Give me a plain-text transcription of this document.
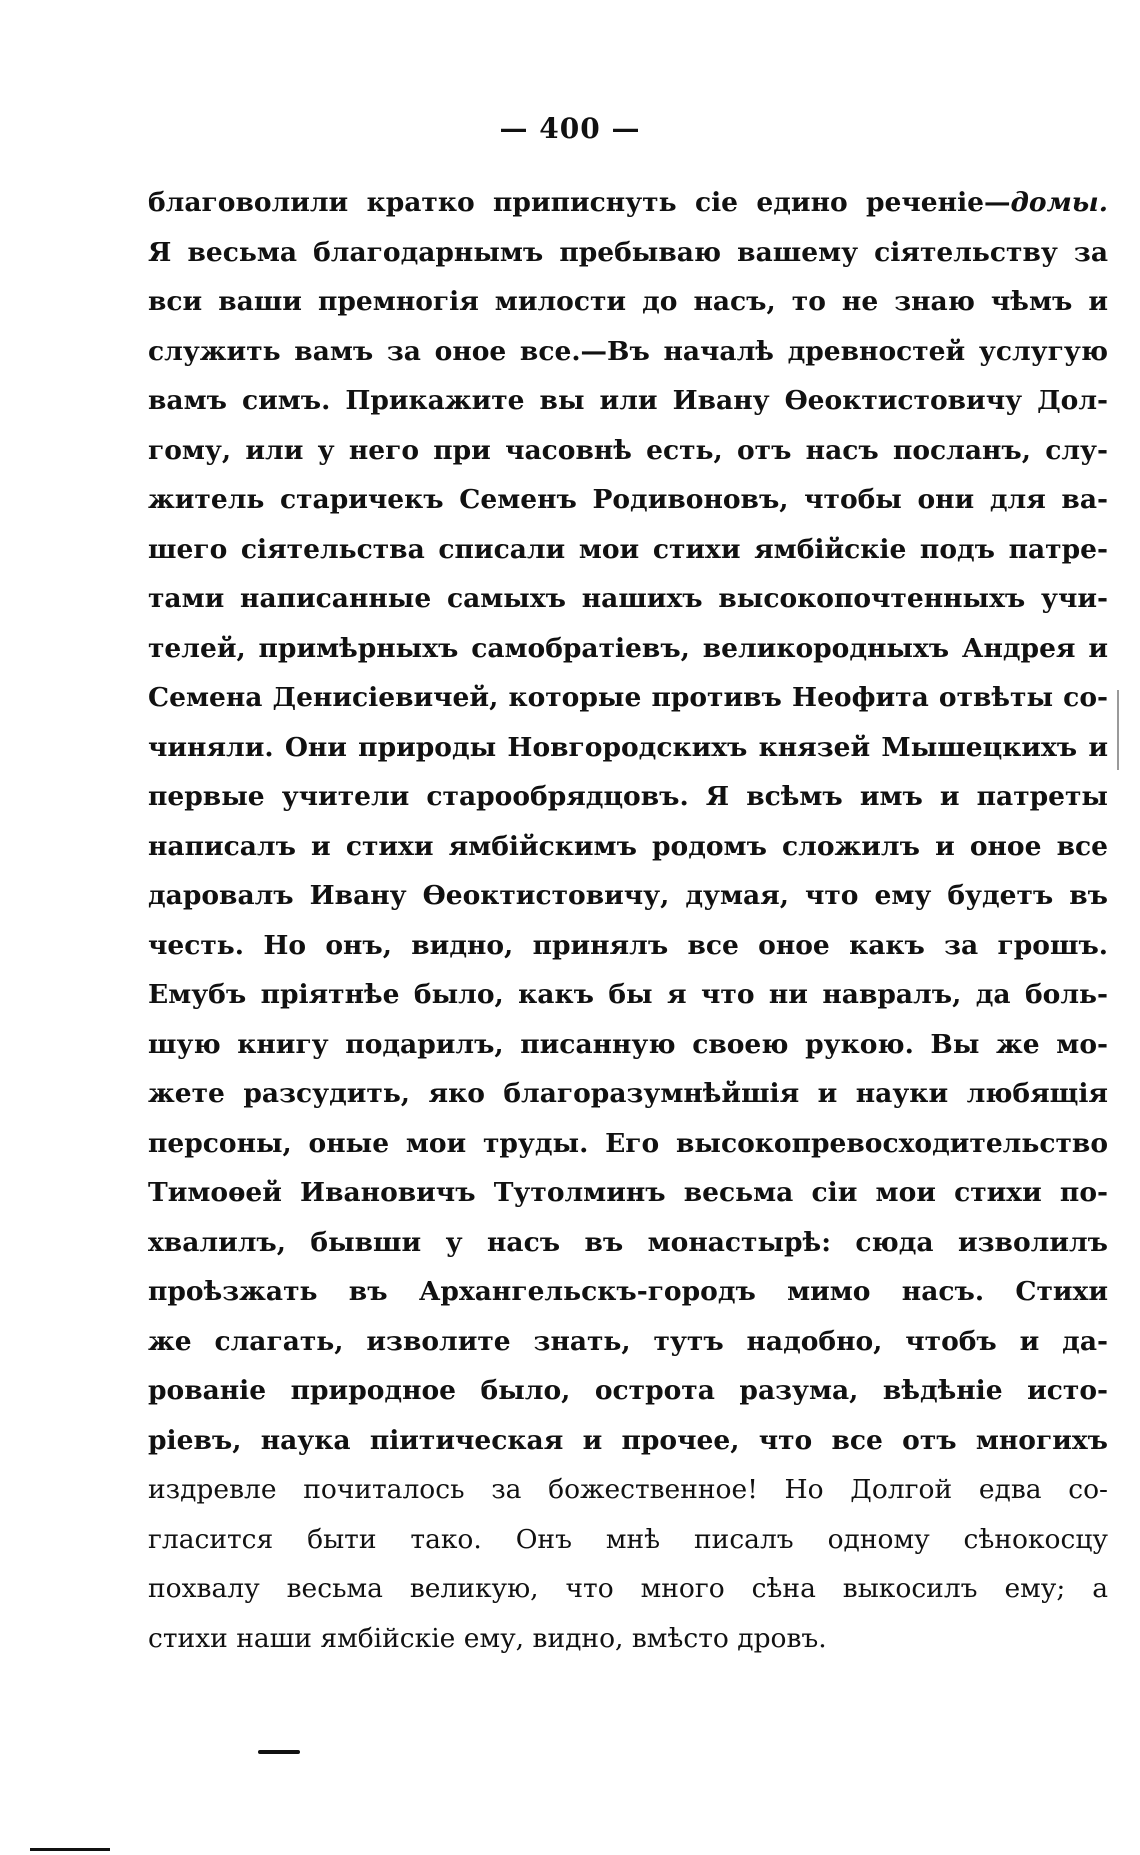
— 400 —
благоволили кратко приписнуть сіе едино реченіе—домы.
Я весьма благодарнымъ пребываю вашему сіятельству за
вси ваши премногія милости до насъ, то не знаю чѣмъ и
служить вамъ за оное все.—Въ началѣ древностей услугую
вамъ симъ. Прикажите вы или Ивану Ѳеоктистовичу Дол-
гому, или у него при часовнѣ есть, отъ насъ посланъ, слу-
житель старичекъ Семенъ Родивоновъ, чтобы они для ва-
шего сіятельства списали мои стихи ямбійскіе подъ патре-
тами написанные самыхъ нашихъ высокопочтенныхъ учи-
телей, примѣрныхъ самобратіевъ, великородныхъ Андрея и
Семена Денисіевичей, которые противъ Неофита отвѣты со-
чиняли. Они природы Новгородскихъ князей Мышецкихъ и
первые учители старообрядцовъ. Я всѣмъ имъ и патреты
написалъ и стихи ямбійскимъ родомъ сложилъ и оное все
даровалъ Ивану Ѳеоктистовичу, думая, что ему будетъ въ
честь. Но онъ, видно, принялъ все оное какъ за грошъ.
Емубъ пріятнѣе было, какъ бы я что ни навралъ, да боль-
шую книгу подарилъ, писанную своею рукою. Вы же мо-
жете разсудить, яко благоразумнѣйшія и науки любящія
персоны, оные мои труды. Его высокопревосходительство
Тимоѳей Ивановичъ Тутолминъ весьма сіи мои стихи по-
хвалилъ, бывши у насъ въ монастырѣ: сюда изволилъ
проѣзжать въ Архангельскъ-городъ мимо насъ. Стихи
же слагать, изволите знать, тутъ надобно, чтобъ и да-
рованіе природное было, острота разума, вѣдѣніе исто-
ріевъ, наука піитическая и прочее, что все отъ многихъ
издревле почиталось за божественное! Но Долгой едва со-
гласится быти тако. Онъ мнѣ писалъ одному сѣнокосцу
похвалу весьма великую, что много сѣна выкосилъ ему; а
стихи наши ямбійскіе ему, видно, вмѣсто дровъ.
